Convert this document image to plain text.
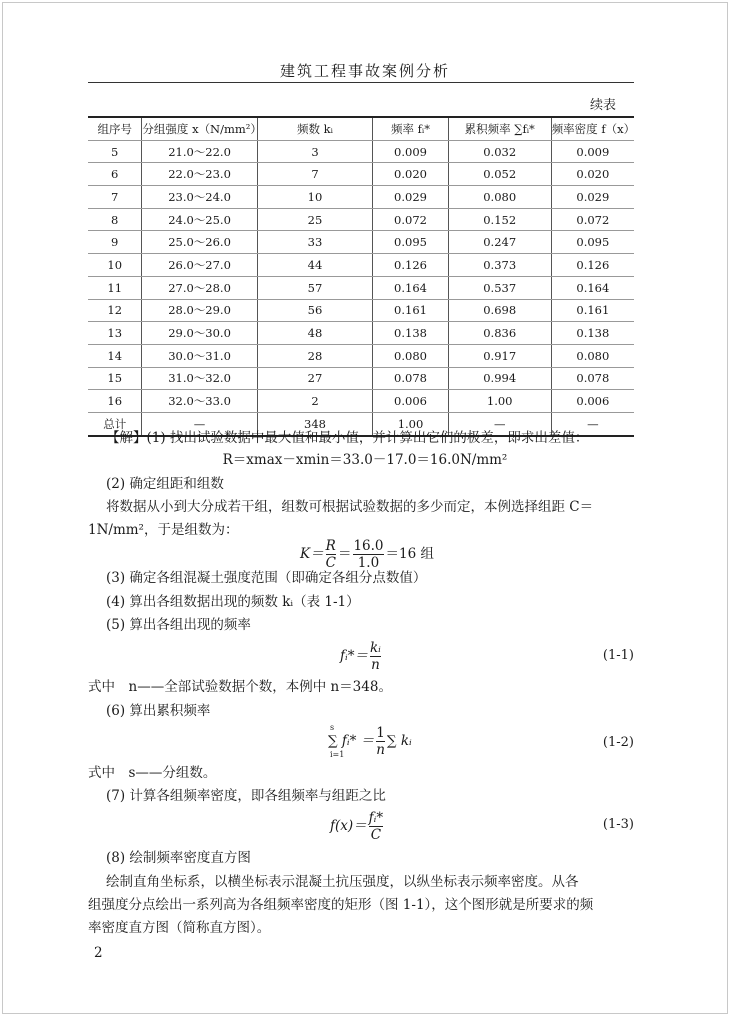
建筑工程事故案例分析
续表
组序号	分组强度 x（N/mm²）	频数 kᵢ	频率 fᵢ*	累积频率 ∑fᵢ*	频率密度 f（x）
5	21.0～22.0	3	0.009	0.032	0.009
6	22.0～23.0	7	0.020	0.052	0.020
7	23.0～24.0	10	0.029	0.080	0.029
8	24.0～25.0	25	0.072	0.152	0.072
9	25.0～26.0	33	0.095	0.247	0.095
10	26.0～27.0	44	0.126	0.373	0.126
11	27.0～28.0	57	0.164	0.537	0.164
12	28.0～29.0	56	0.161	0.698	0.161
13	29.0～30.0	48	0.138	0.836	0.138
14	30.0～31.0	28	0.080	0.917	0.080
15	31.0～32.0	27	0.078	0.994	0.078
16	32.0～33.0	2	0.006	1.00	0.006
总计	—	348	1.00	—	—
【解】(1) 找出试验数据中最大值和最小值，并计算出它们的极差，即求出差值：
R＝xmax－xmin＝33.0－17.0＝16.0N/mm²
(2) 确定组距和组数
将数据从小到大分成若干组，组数可根据试验数据的多少而定，本例选择组距 C＝
1N/mm²，于是组数为：
$K= \frac{R}{C} = \frac{16.0}{1.0} =16$ 组
(3) 确定各组混凝土强度范围（即确定各组分点数值）
(4) 算出各组数据出现的频数 kᵢ（表 1-1）
(5) 算出各组出现的频率
fᵢ*＝ $\frac{\text{kᵢ}}{n}$	(1-1)
式中　n——全部试验数据个数，本例中 n＝348。
(6) 算出累积频率
s
∑ fᵢ* ＝
$i=1 \frac{1}{n}$ ∑ kᵢ	(1-2)
式中　s——分组数。
(7) 计算各组频率密度，即各组频率与组距之比
$f(x)= \frac{\text{fᵢ*}}{C}$	(1-3)
(8) 绘制频率密度直方图
绘制直角坐标系，以横坐标表示混凝土抗压强度，以纵坐标表示频率密度。从各
组强度分点绘出一系列高为各组频率密度的矩形（图 1-1），这个图形就是所要求的频
率密度直方图（简称直方图）。
2
